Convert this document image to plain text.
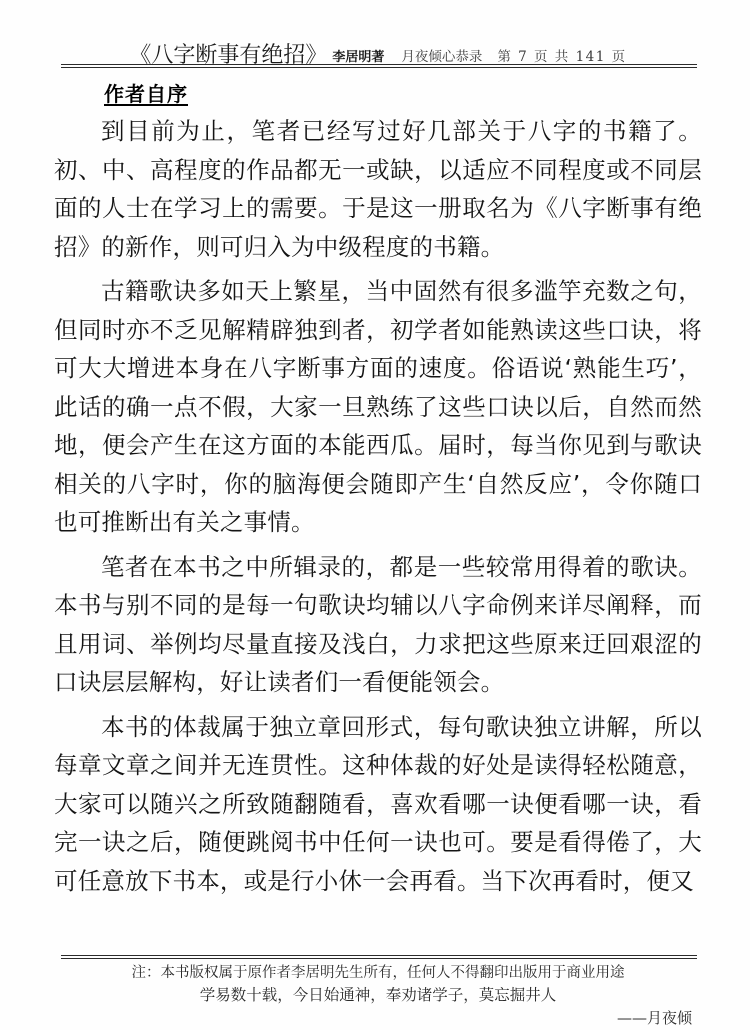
《八字断事有绝招》 李居明著 月夜倾心恭录 第 7 页 共 141 页
作者自序

到目前为止，笔者已经写过好几部关于八字的书籍了。初、中、高程度的作品都无一或缺，以适应不同程度或不同层面的人士在学习上的需要。于是这一册取名为《八字断事有绝招》的新作，则可归入为中级程度的书籍。

古籍歌诀多如天上繁星，当中固然有很多滥竽充数之句，但同时亦不乏见解精辟独到者，初学者如能熟读这些口诀，将可大大增进本身在八字断事方面的速度。俗语说‘熟能生巧’，此话的确一点不假，大家一旦熟练了这些口诀以后，自然而然地，便会产生在这方面的本能西瓜。届时，每当你见到与歌诀相关的八字时，你的脑海便会随即产生‘自然反应’，令你随口也可推断出有关之事情。

笔者在本书之中所辑录的，都是一些较常用得着的歌诀。本书与别不同的是每一句歌诀均辅以八字命例来详尽阐释，而且用词、举例均尽量直接及浅白，力求把这些原来迂回艰涩的口诀层层解构，好让读者们一看便能领会。

本书的体裁属于独立章回形式，每句歌诀独立讲解，所以每章文章之间并无连贯性。这种体裁的好处是读得轻松随意，大家可以随兴之所致随翻随看，喜欢看哪一诀便看哪一诀，看完一诀之后，随便跳阅书中任何一诀也可。要是看得倦了，大可任意放下书本，或是行小休一会再看。当下次再看时，便又

注：本书版权属于原作者李居明先生所有，任何人不得翻印出版用于商业用途
学易数十载，今日始通神，奉劝诸学子，莫忘掘井人
——月夜倾
